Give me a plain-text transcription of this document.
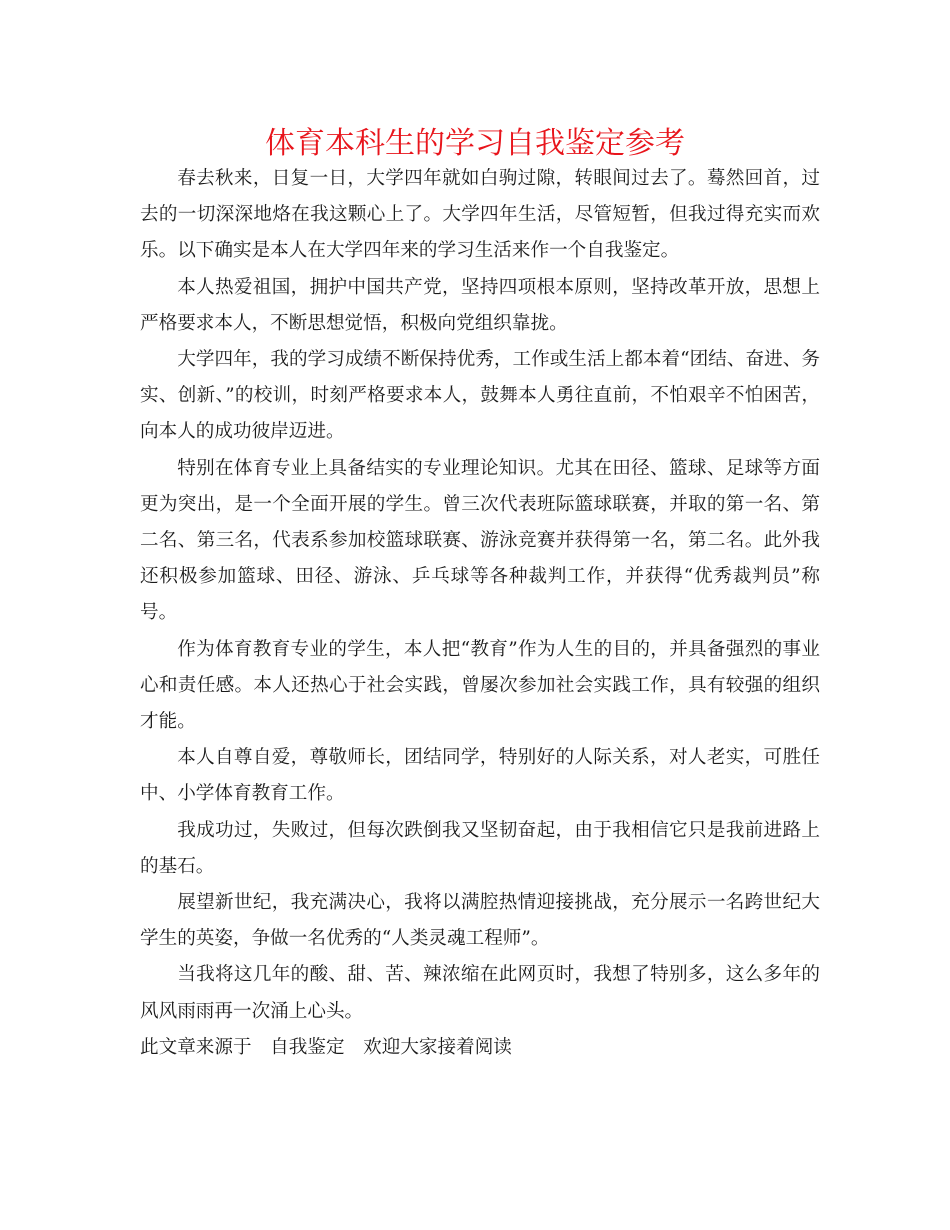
体育本科生的学习自我鉴定参考

春去秋来，日复一日，大学四年就如白驹过隙，转眼间过去了。蓦然回首，过去的一切深深地烙在我这颗心上了。大学四年生活，尽管短暂，但我过得充实而欢乐。以下确实是本人在大学四年来的学习生活来作一个自我鉴定。

本人热爱祖国，拥护中国共产党，坚持四项根本原则，坚持改革开放，思想上严格要求本人，不断思想觉悟，积极向党组织靠拢。

大学四年，我的学习成绩不断保持优秀，工作或生活上都本着“团结、奋进、务实、创新、”的校训，时刻严格要求本人，鼓舞本人勇往直前，不怕艰辛不怕困苦，向本人的成功彼岸迈进。

特别在体育专业上具备结实的专业理论知识。尤其在田径、篮球、足球等方面更为突出，是一个全面开展的学生。曾三次代表班际篮球联赛，并取的第一名、第二名、第三名，代表系参加校篮球联赛、游泳竞赛并获得第一名，第二名。此外我还积极参加篮球、田径、游泳、乒乓球等各种裁判工作，并获得“优秀裁判员”称号。

作为体育教育专业的学生，本人把“教育”作为人生的目的，并具备强烈的事业心和责任感。本人还热心于社会实践，曾屡次参加社会实践工作，具有较强的组织才能。

本人自尊自爱，尊敬师长，团结同学，特别好的人际关系，对人老实，可胜任中、小学体育教育工作。

我成功过，失败过，但每次跌倒我又坚韧奋起，由于我相信它只是我前进路上的基石。

展望新世纪，我充满决心，我将以满腔热情迎接挑战，充分展示一名跨世纪大学生的英姿，争做一名优秀的“人类灵魂工程师”。

当我将这几年的酸、甜、苦、辣浓缩在此网页时，我想了特别多，这么多年的风风雨雨再一次涌上心头。

此文章来源于　自我鉴定　欢迎大家接着阅读
